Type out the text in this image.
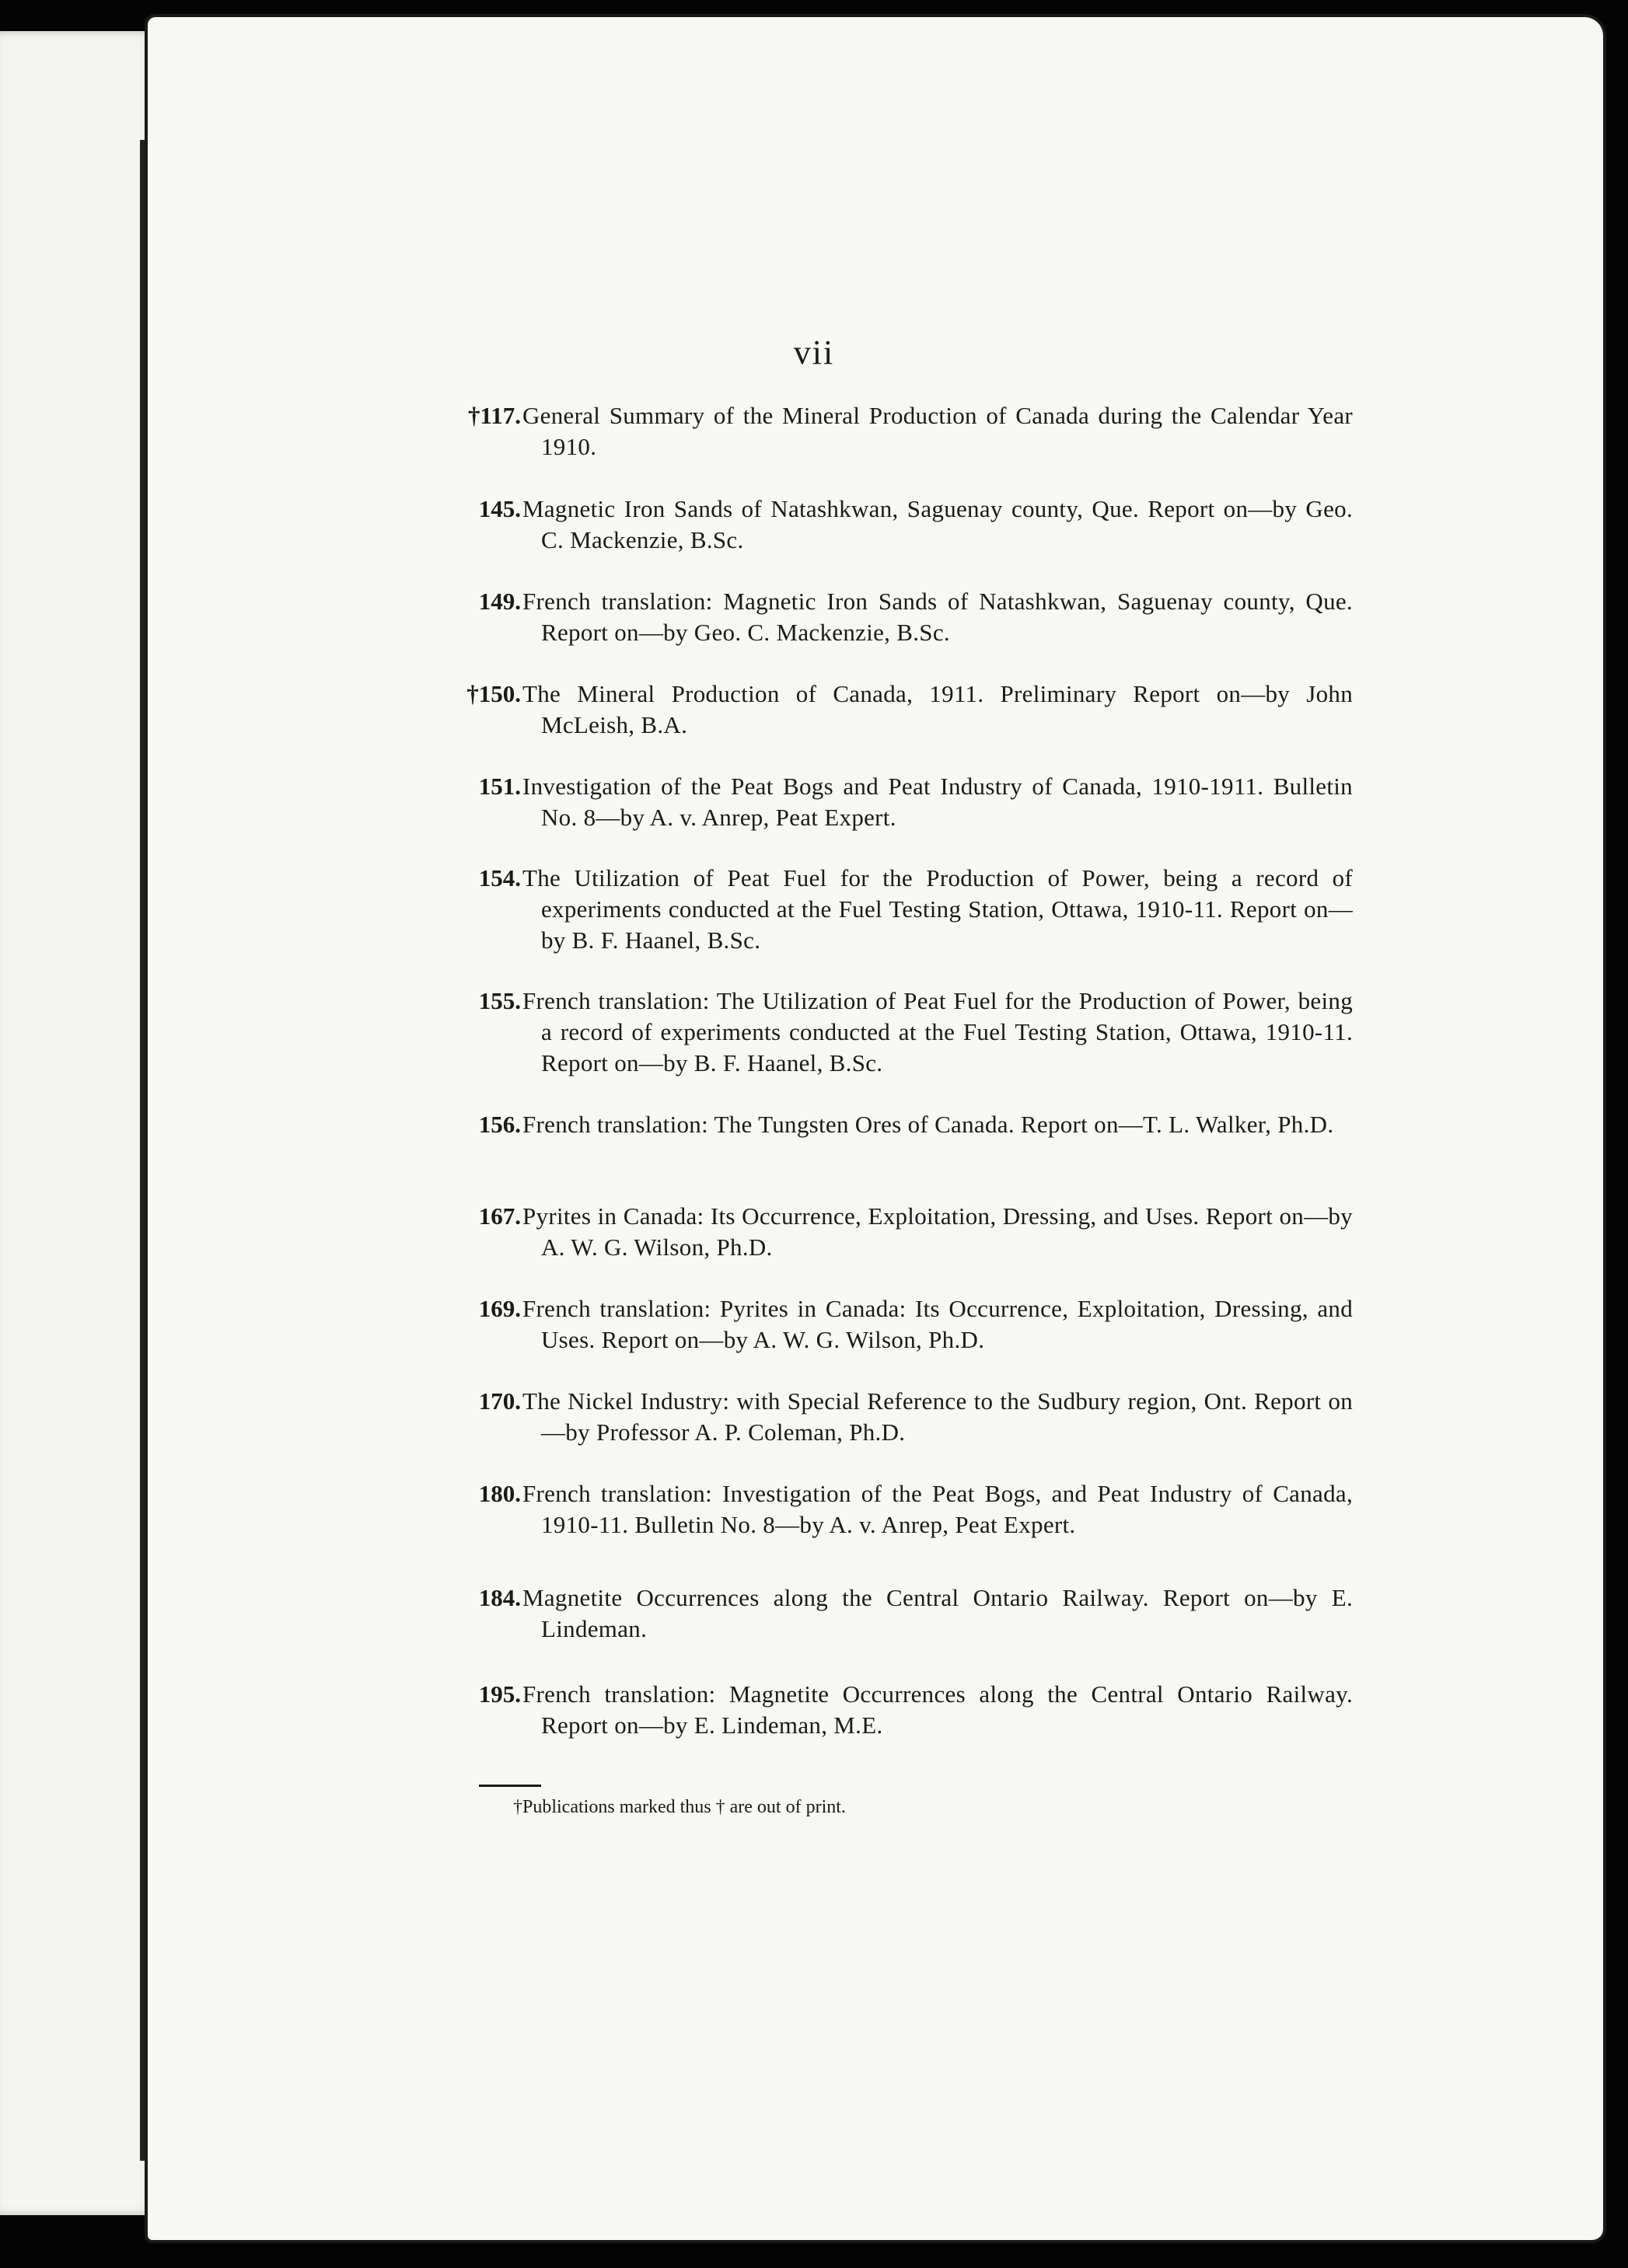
vii
†117. General Summary of the Mineral Production of Canada during the Calendar Year 1910.
145. Magnetic Iron Sands of Natashkwan, Saguenay county, Que. Report on—by Geo. C. Mackenzie, B.Sc.
149. French translation: Magnetic Iron Sands of Natashkwan, Saguenay county, Que. Report on—by Geo. C. Mackenzie, B.Sc.
†150. The Mineral Production of Canada, 1911. Preliminary Report on—by John McLeish, B.A.
151. Investigation of the Peat Bogs and Peat Industry of Canada, 1910-1911. Bulletin No. 8—by A. v. Anrep, Peat Expert.
154. The Utilization of Peat Fuel for the Production of Power, being a record of experiments conducted at the Fuel Testing Station, Ottawa, 1910-11. Report on—by B. F. Haanel, B.Sc.
155. French translation: The Utilization of Peat Fuel for the Production of Power, being a record of experiments conducted at the Fuel Testing Station, Ottawa, 1910-11. Report on—by B. F. Haanel, B.Sc.
156. French translation: The Tungsten Ores of Canada. Report on—T. L. Walker, Ph.D.
167. Pyrites in Canada: Its Occurrence, Exploitation, Dressing, and Uses. Report on—by A. W. G. Wilson, Ph.D.
169. French translation: Pyrites in Canada: Its Occurrence, Exploitation, Dressing, and Uses. Report on—by A. W. G. Wilson, Ph.D.
170. The Nickel Industry: with Special Reference to the Sudbury region, Ont. Report on—by Professor A. P. Coleman, Ph.D.
180. French translation: Investigation of the Peat Bogs, and Peat Industry of Canada, 1910-11. Bulletin No. 8—by A. v. Anrep, Peat Expert.
184. Magnetite Occurrences along the Central Ontario Railway. Report on—by E. Lindeman.
195. French translation: Magnetite Occurrences along the Central Ontario Railway. Report on—by E. Lindeman, M.E.
†Publications marked thus † are out of print.
